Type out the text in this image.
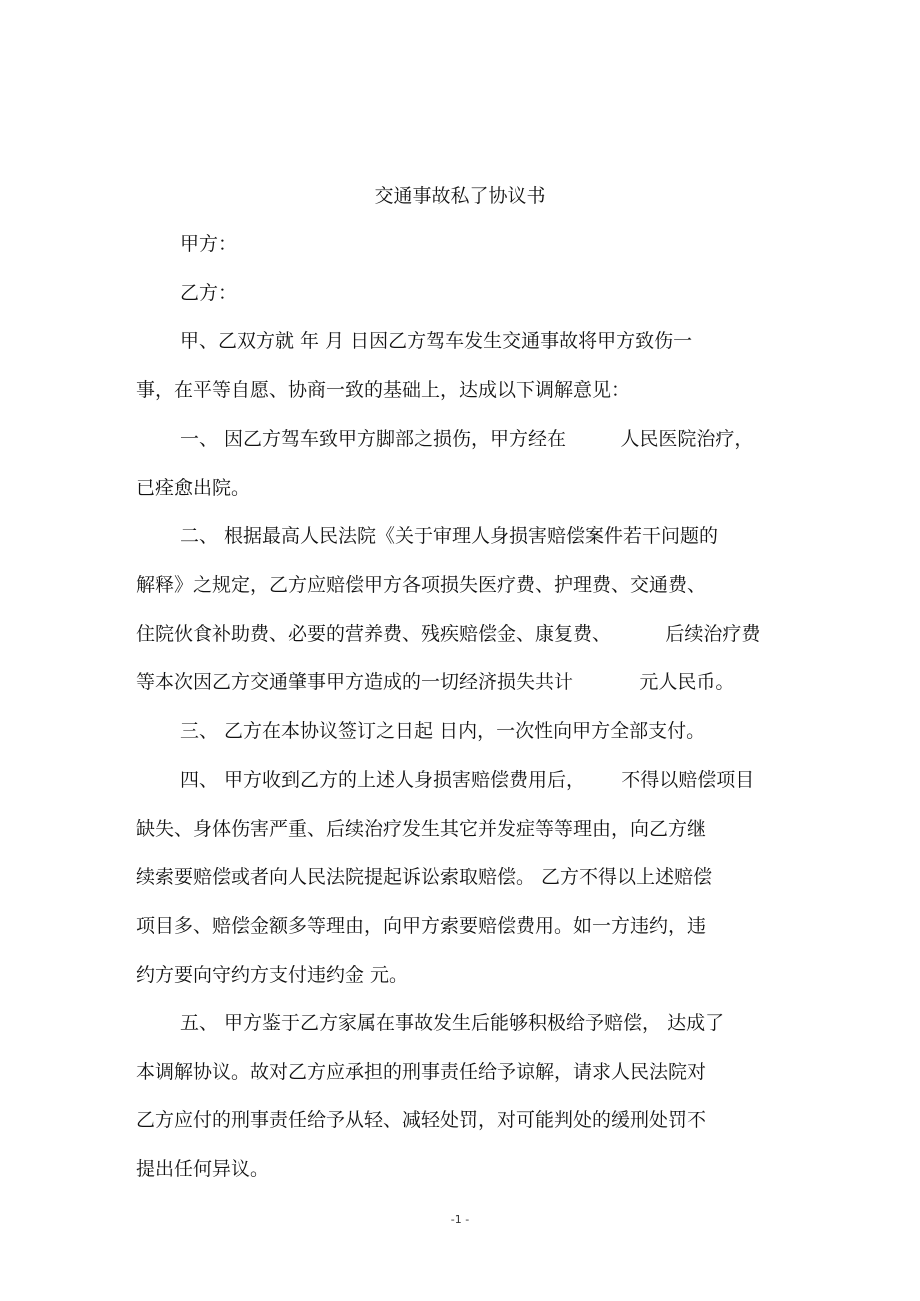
交通事故私了协议书
甲方：
乙方：
甲、乙双方就 年 月 日因乙方驾车发生交通事故将甲方致伤一
事，在平等自愿、协商一致的基础上，达成以下调解意见：
一、 因乙方驾车致甲方脚部之损伤，甲方经在         人民医院治疗，
已痊愈出院。
二、 根据最高人民法院《关于审理人身损害赔偿案件若干问题的
解释》之规定，乙方应赔偿甲方各项损失医疗费、护理费、交通费、
住院伙食补助费、必要的营养费、残疾赔偿金、康复费、         后续治疗费
等本次因乙方交通肇事甲方造成的一切经济损失共计           元人民币。
三、 乙方在本协议签订之日起 日内，一次性向甲方全部支付。
四、 甲方收到乙方的上述人身损害赔偿费用后，      不得以赔偿项目
缺失、身体伤害严重、后续治疗发生其它并发症等等理由，向乙方继
续索要赔偿或者向人民法院提起诉讼索取赔偿。 乙方不得以上述赔偿
项目多、赔偿金额多等理由，向甲方索要赔偿费用。如一方违约，违
约方要向守约方支付违约金 元。
五、 甲方鉴于乙方家属在事故发生后能够积极给予赔偿， 达成了
本调解协议。故对乙方应承担的刑事责任给予谅解，请求人民法院对
乙方应付的刑事责任给予从轻、减轻处罚，对可能判处的缓刑处罚不
提出任何异议。
-1 -
